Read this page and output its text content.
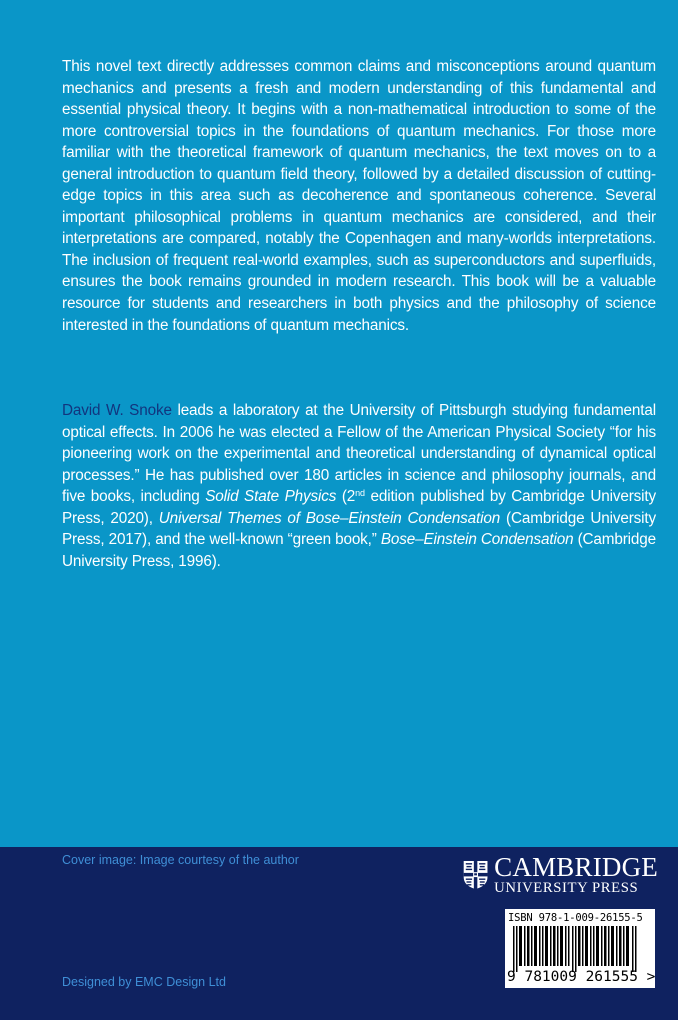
This novel text directly addresses common claims and misconceptions around quantum mechanics and presents a fresh and modern understanding of this fundamental and essential physical theory. It begins with a non-mathematical introduction to some of the more controversial topics in the foundations of quantum mechanics. For those more familiar with the theoretical framework of quantum mechanics, the text moves on to a general introduction to quantum field theory, followed by a detailed discussion of cutting-edge topics in this area such as decoherence and spontaneous coherence. Several important philosophical problems in quantum mechanics are considered, and their interpretations are compared, notably the Copenhagen and many-worlds interpretations. The inclusion of frequent real-world examples, such as superconductors and superfluids, ensures the book remains grounded in modern research. This book will be a valuable resource for students and researchers in both physics and the philosophy of science interested in the foundations of quantum mechanics.

David W. Snoke leads a laboratory at the University of Pittsburgh studying fundamental optical effects. In 2006 he was elected a Fellow of the American Physical Society “for his pioneering work on the experimental and theoretical understanding of dynamical optical processes.” He has published over 180 articles in science and philosophy journals, and five books, including Solid State Physics (2nd edition published by Cambridge University Press, 2020), Universal Themes of Bose–Einstein Condensation (Cambridge University Press, 2017), and the well-known “green book,” Bose–Einstein Condensation (Cambridge University Press, 1996).

Cover image: Image courtesy of the author
Designed by EMC Design Ltd
CAMBRIDGE
UNIVERSITY PRESS
ISBN 978-1-009-26155-5
9 781009 261555 >
